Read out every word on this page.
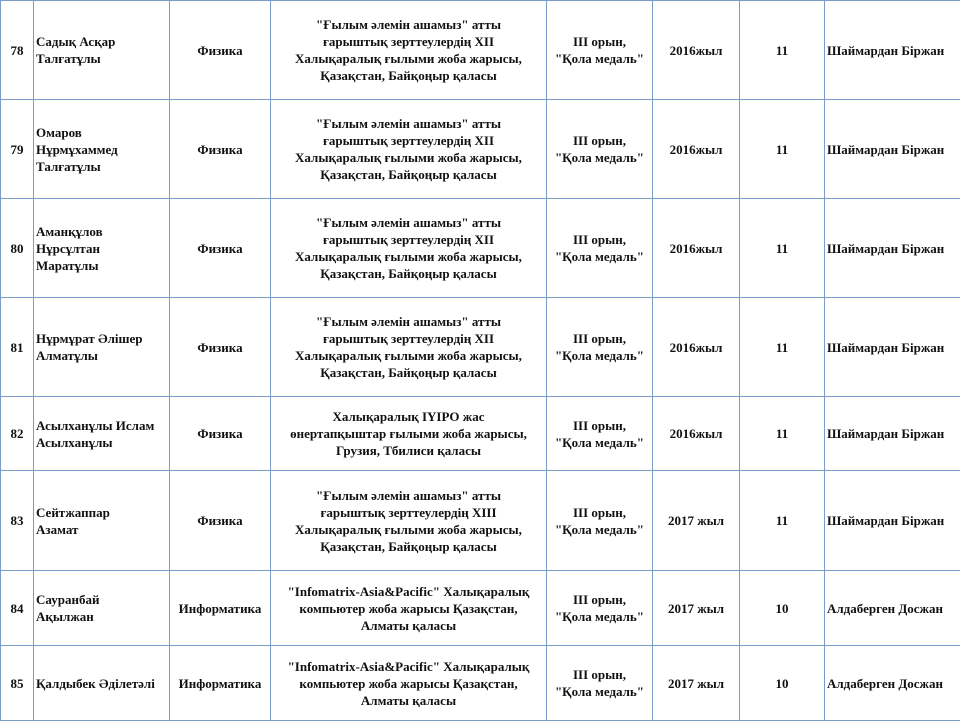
78	Садық Асқар
Талғатұлы	Физика	"Ғылым әлемін ашамыз" атты
ғарыштық зерттеулердің XII
Халықаралық ғылыми жоба жарысы,
Қазақстан, Байқоңыр қаласы	III орын,
"Қола медаль"	2016жыл	11	Шаймардан Біржан
79	Омаров
Нұрмұхаммед
Талғатұлы	Физика	"Ғылым әлемін ашамыз" атты
ғарыштық зерттеулердің XII
Халықаралық ғылыми жоба жарысы,
Қазақстан, Байқоңыр қаласы	III орын,
"Қола медаль"	2016жыл	11	Шаймардан Біржан
80	Аманқұлов
Нұрсұлтан
Маратұлы	Физика	"Ғылым әлемін ашамыз" атты
ғарыштық зерттеулердің XII
Халықаралық ғылыми жоба жарысы,
Қазақстан, Байқоңыр қаласы	III орын,
"Қола медаль"	2016жыл	11	Шаймардан Біржан
81	Нұрмұрат Әлішер
Алматұлы	Физика	"Ғылым әлемін ашамыз" атты
ғарыштық зерттеулердің XII
Халықаралық ғылыми жоба жарысы,
Қазақстан, Байқоңыр қаласы	III орын,
"Қола медаль"	2016жыл	11	Шаймардан Біржан
82	Асылханұлы Ислам
Асылханұлы	Физика	Халықаралық IYIPO жас
өнертапқыштар ғылыми жоба жарысы,
Грузия, Тбилиси қаласы	III орын,
"Қола медаль"	2016жыл	11	Шаймардан Біржан
83	Сейтжаппар
Азамат	Физика	"Ғылым әлемін ашамыз" атты
ғарыштық зерттеулердің XIII
Халықаралық ғылыми жоба жарысы,
Қазақстан, Байқоңыр қаласы	III орын,
"Қола медаль"	2017 жыл	11	Шаймардан Біржан
84	Сауранбай
Ақылжан	Информатика	"Infomatrix-Asia&Pacific" Халықаралық
компьютер жоба жарысы Қазақстан,
Алматы қаласы	III орын,
"Қола медаль"	2017 жыл	10	Алдаберген Досжан
85	Қалдыбек Әділетәлі	Информатика	"Infomatrix-Asia&Pacific" Халықаралық
компьютер жоба жарысы Қазақстан,
Алматы қаласы	III орын,
"Қола медаль"	2017 жыл	10	Алдаберген Досжан
